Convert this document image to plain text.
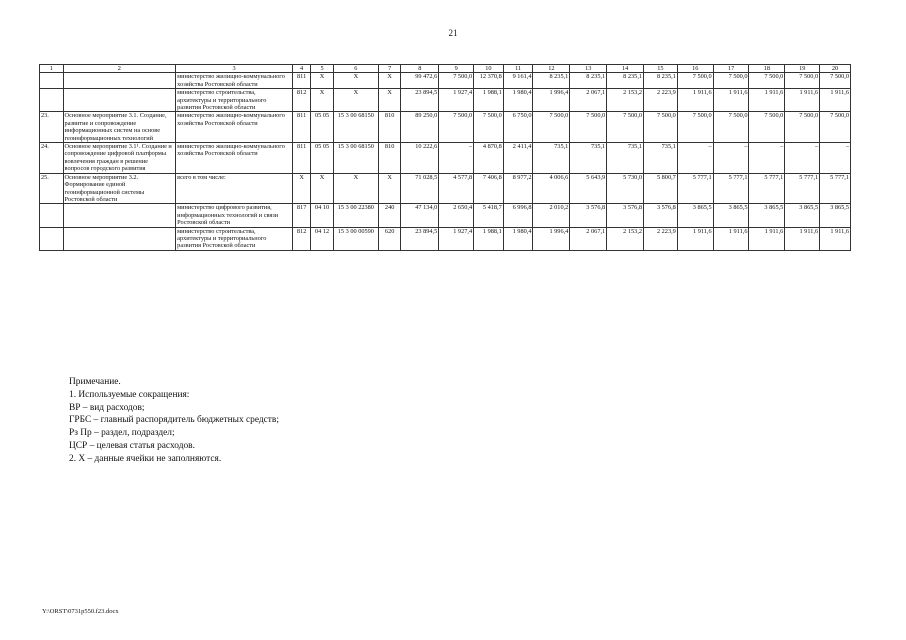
21
1	2	3	4	5	6	7	8	9	10	11	12	13	14	15	16	17	18	19	20
		министерство жилищно-коммунального хозяйства Ростовской области	811	X	X	X	99 472,6	7 500,0	12 370,8	9 161,4	8 235,1	8 235,1	8 235,1	8 235,1	7 500,0	7 500,0	7 500,0	7 500,0	7 500,0
		министерство строительства, архитектуры и территориального развития Ростовской области	812	X	X	X	23 894,5	1 927,4	1 988,1	1 980,4	1 996,4	2 067,1	2 153,2	2 223,9	1 911,6	1 911,6	1 911,6	1 911,6	1 911,6
23.	Основное мероприятие 3.1. Создание, развитие и сопровождение информационных систем на основе геоинформационных технологий	министерство жилищно-коммунального хозяйства Ростовской области	811	05 05	15 3 00 68150	810	89 250,0	7 500,0	7 500,0	6 750,0	7 500,0	7 500,0	7 500,0	7 500,0	7 500,0	7 500,0	7 500,0	7 500,0	7 500,0
24.	Основное мероприятие 3.1¹. Создание и сопровождение цифровой платформы вовлечения граждан в решение вопросов городского развития	министерство жилищно-коммунального хозяйства Ростовской области	811	05 05	15 3 00 68150	810	10 222,6	–	4 870,8	2 411,4	735,1	735,1	735,1	735,1	–	–	–	–	–
25.	Основное мероприятие 3.2. Формирование единой геоинформационной системы Ростовской области	всего в том числе:	X	X	X	X	71 028,5	4 577,8	7 406,8	8 977,2	4 006,6	5 643,9	5 730,0	5 800,7	5 777,1	5 777,1	5 777,1	5 777,1	5 777,1
		министерство цифрового развития, информационных технологий и связи Ростовской области	817	04 10	15 3 00 22380	240	47 134,0	2 650,4	5 418,7	6 996,8	2 010,2	3 576,8	3 576,8	3 576,8	3 865,5	3 865,5	3 865,5	3 865,5	3 865,5
		министерство строительства, архитектуры и территориального развития Ростовской области	812	04 12	15 3 00 00590	620	23 894,5	1 927,4	1 988,1	1 980,4	1 996,4	2 067,1	2 153,2	2 223,9	1 911,6	1 911,6	1 911,6	1 911,6	1 911,6
Примечание.
1. Используемые сокращения:
ВР – вид расходов;
ГРБС – главный распорядитель бюджетных средств;
Рз Пр – раздел, подраздел;
ЦСР – целевая статья расходов.
2. Х – данные ячейки не заполняются.
Y:\ORST\0731p550.f23.docx
